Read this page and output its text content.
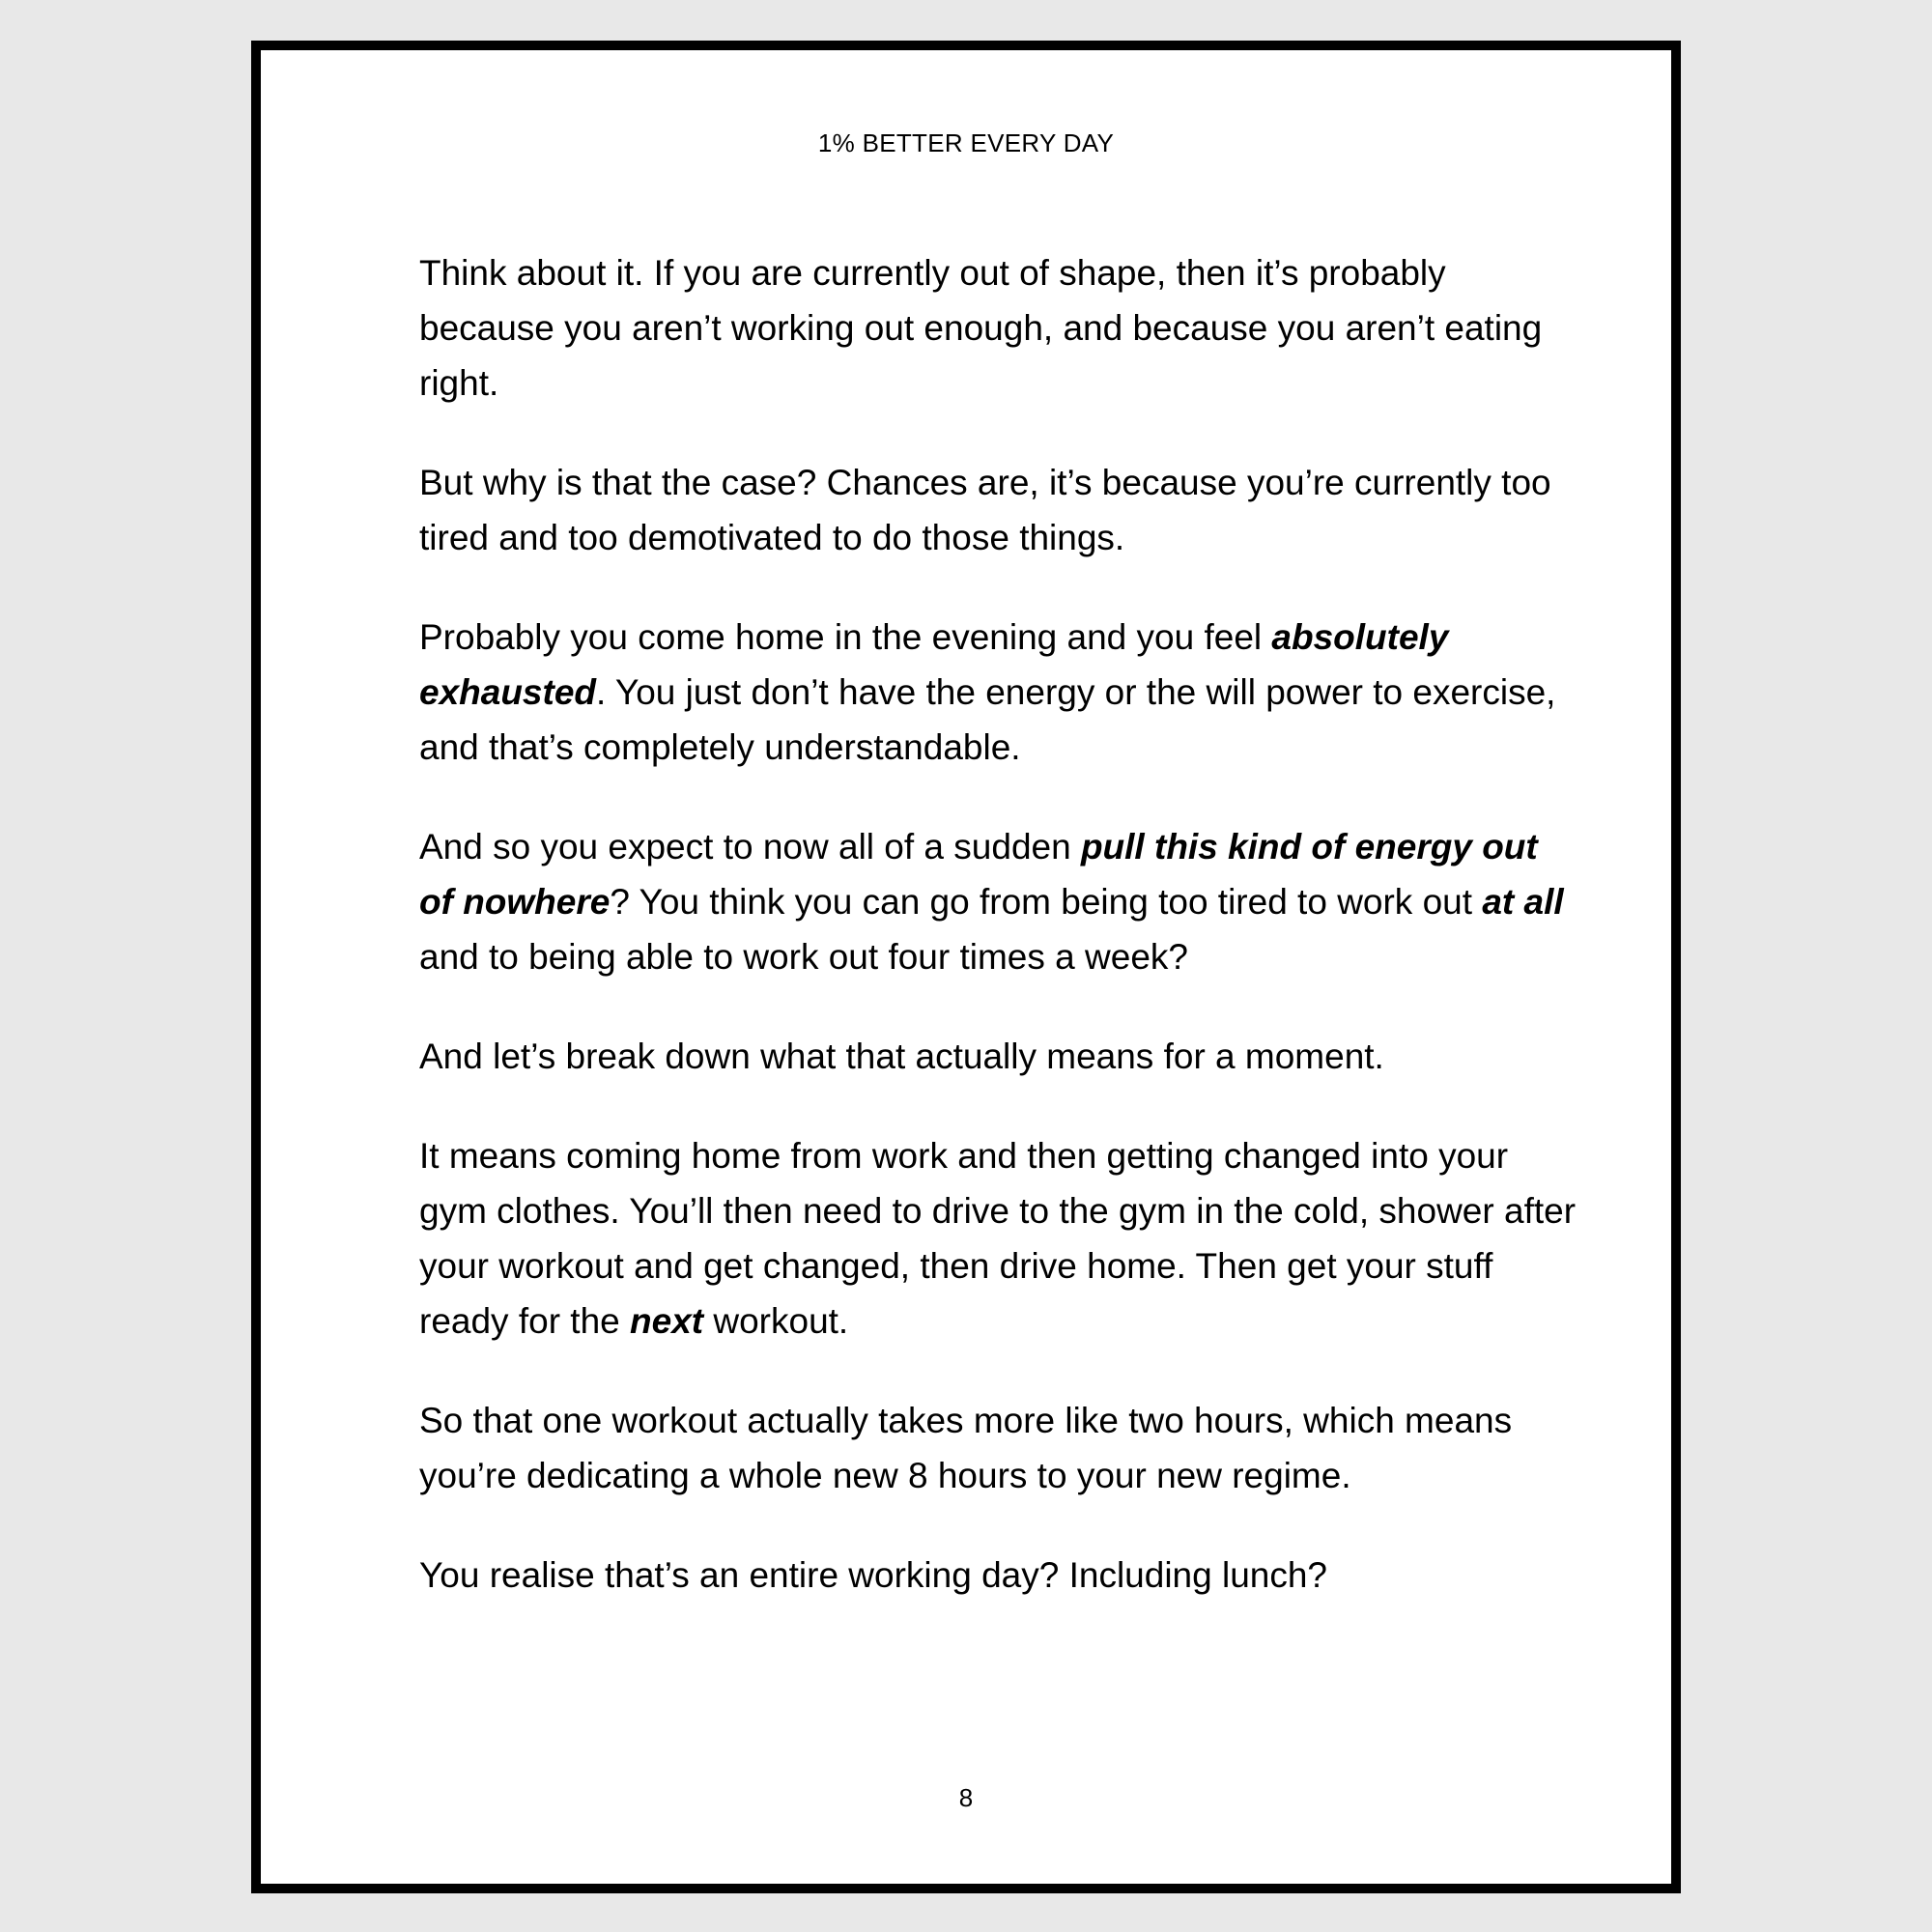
1% BETTER EVERY DAY

Think about it. If you are currently out of shape, then it’s probably because you aren’t working out enough, and because you aren’t eating right.

But why is that the case? Chances are, it’s because you’re currently too tired and too demotivated to do those things.

Probably you come home in the evening and you feel absolutely exhausted. You just don’t have the energy or the will power to exercise, and that’s completely understandable.

And so you expect to now all of a sudden pull this kind of energy out of nowhere? You think you can go from being too tired to work out at all and to being able to work out four times a week?

And let’s break down what that actually means for a moment.

It means coming home from work and then getting changed into your gym clothes. You’ll then need to drive to the gym in the cold, shower after your workout and get changed, then drive home. Then get your stuff ready for the next workout.

So that one workout actually takes more like two hours, which means you’re dedicating a whole new 8 hours to your new regime.

You realise that’s an entire working day? Including lunch?

8
